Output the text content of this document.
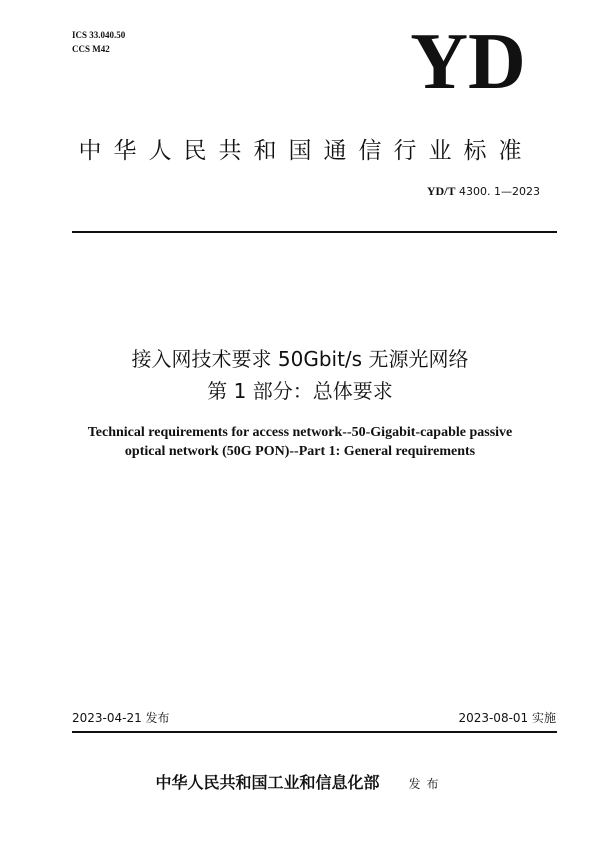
ICS 33.040.50
CCS M42	YD
中华人民共和国通信行业标准
YD/T 4300. 1—2023
接入网技术要求 50Gbit/s 无源光网络
第 1 部分：总体要求
Technical requirements for access network--50-Gigabit-capable passive
optical network (50G PON)--Part 1: General requirements
2023-04-21 发布	2023-08-01 实施
中华人民共和国工业和信息化部 发布
